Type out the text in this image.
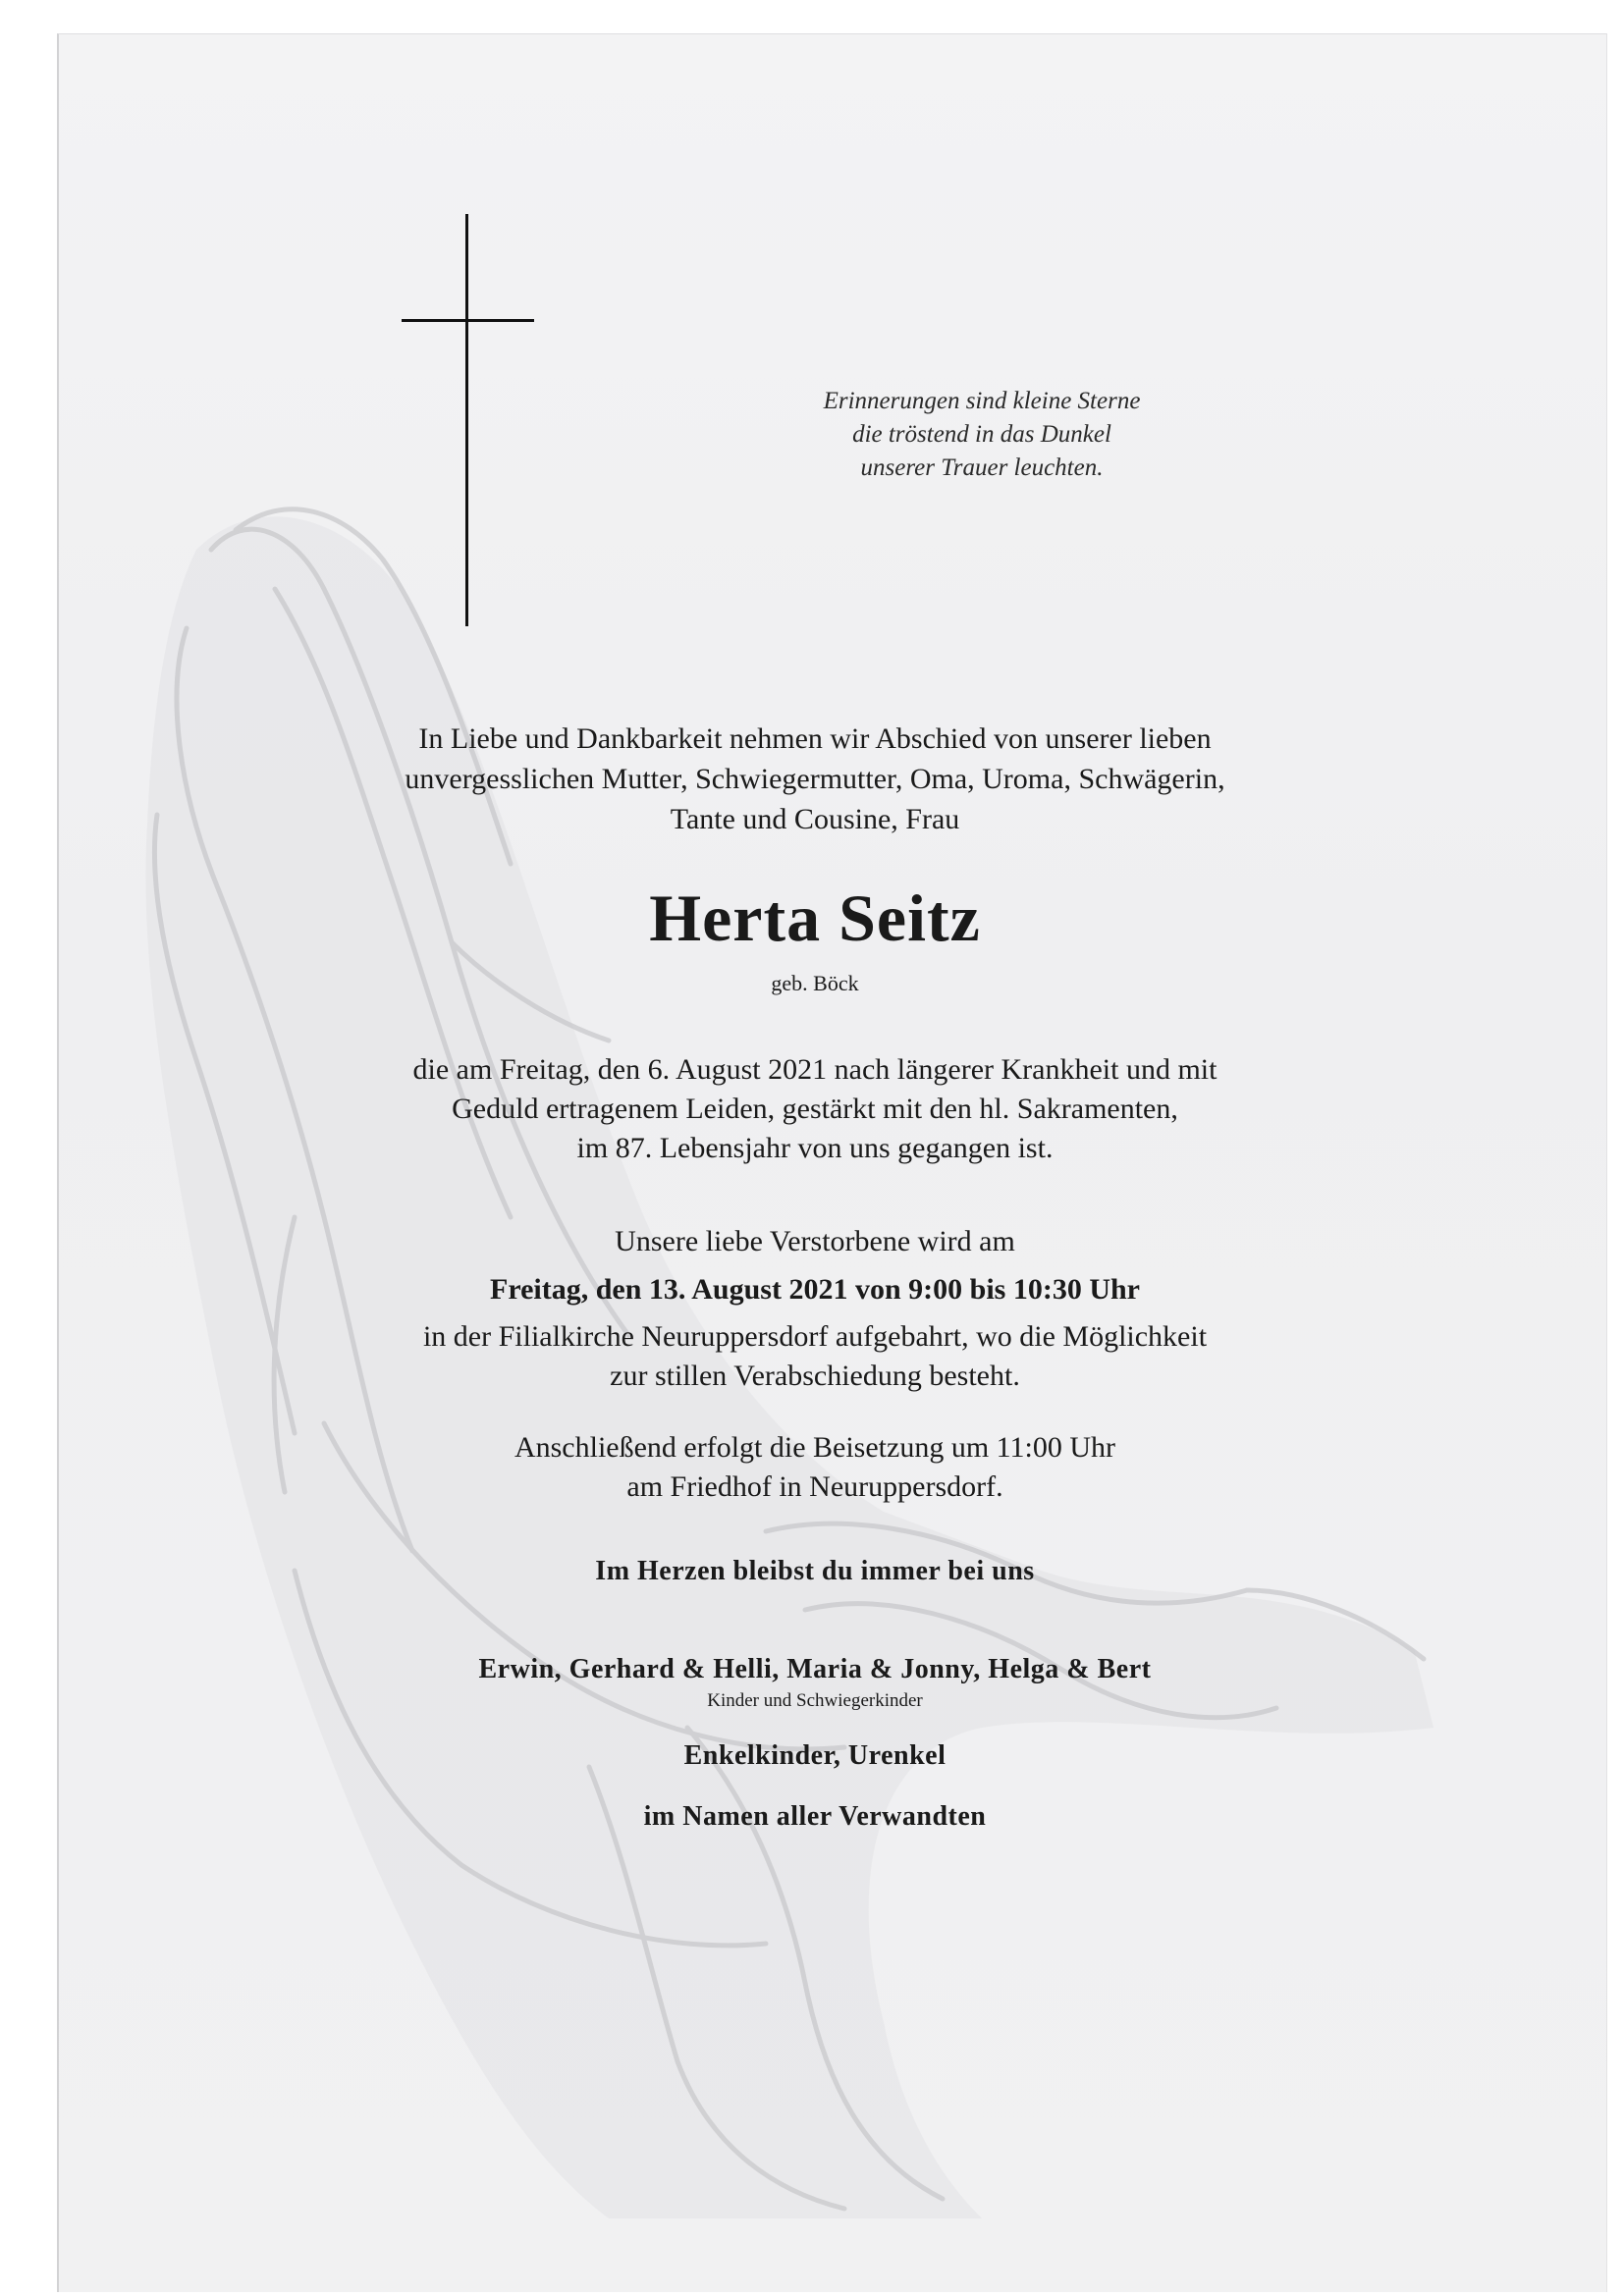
Erinnerungen sind kleine Sterne
die tröstend in das Dunkel
unserer Trauer leuchten.
In Liebe und Dankbarkeit nehmen wir Abschied von unserer lieben
unvergesslichen Mutter, Schwiegermutter, Oma, Uroma, Schwägerin,
Tante und Cousine, Frau
Herta Seitz
geb. Böck
die am Freitag, den 6. August 2021 nach längerer Krankheit und mit
Geduld ertragenem Leiden, gestärkt mit den hl. Sakramenten,
im 87. Lebensjahr von uns gegangen ist.
Unsere liebe Verstorbene wird am
Freitag, den 13. August 2021 von 9:00 bis 10:30 Uhr
in der Filialkirche Neuruppersdorf aufgebahrt, wo die Möglichkeit
zur stillen Verabschiedung besteht.
Anschließend erfolgt die Beisetzung um 11:00 Uhr
am Friedhof in Neuruppersdorf.
Im Herzen bleibst du immer bei uns
Erwin, Gerhard & Helli, Maria & Jonny, Helga & Bert
Kinder und Schwiegerkinder
Enkelkinder, Urenkel
im Namen aller Verwandten
